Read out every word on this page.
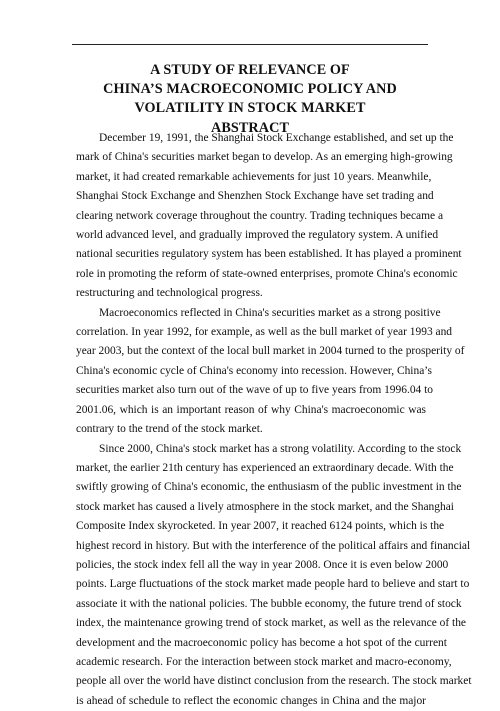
A STUDY OF RELEVANCE OF
CHINA’S MACROECONOMIC POLICY AND
VOLATILITY IN STOCK MARKET
ABSTRACT
December 19, 1991, the Shanghai Stock Exchange established, and set up the
mark of China's securities market began to develop. As an emerging high-growing
market, it had created remarkable achievements for just 10 years. Meanwhile,
Shanghai Stock Exchange and Shenzhen Stock Exchange have set trading and
clearing network coverage throughout the country. Trading techniques became a
world advanced level, and gradually improved the regulatory system. A unified
national securities regulatory system has been established. It has played a prominent
role in promoting the reform of state-owned enterprises, promote China's economic
restructuring and technological progress.
Macroeconomics reflected in China's securities market as a strong positive
correlation. In year 1992, for example, as well as the bull market of year 1993 and
year 2003, but the context of the local bull market in 2004 turned to the prosperity of
China's economic cycle of China's economy into recession. However, China’s
securities market also turn out of the wave of up to five years from 1996.04 to
2001.06, which is an important reason of why China's macroeconomic was
contrary to the trend of the stock market.
Since 2000, China's stock market has a strong volatility. According to the stock
market, the earlier 21th century has experienced an extraordinary decade. With the
swiftly growing of China's economic, the enthusiasm of the public investment in the
stock market has caused a lively atmosphere in the stock market, and the Shanghai
Composite Index skyrocketed. In year 2007, it reached 6124 points, which is the
highest record in history. But with the interference of the political affairs and financial
policies, the stock index fell all the way in year 2008. Once it is even below 2000
points. Large fluctuations of the stock market made people hard to believe and start to
associate it with the national policies. The bubble economy, the future trend of stock
index, the maintenance growing trend of stock market, as well as the relevance of the
development and the macroeconomic policy has become a hot spot of the current
academic research. For the interaction between stock market and macro-economy,
people all over the world have distinct conclusion from the research. The stock market
is ahead of schedule to reflect the economic changes in China and the major
